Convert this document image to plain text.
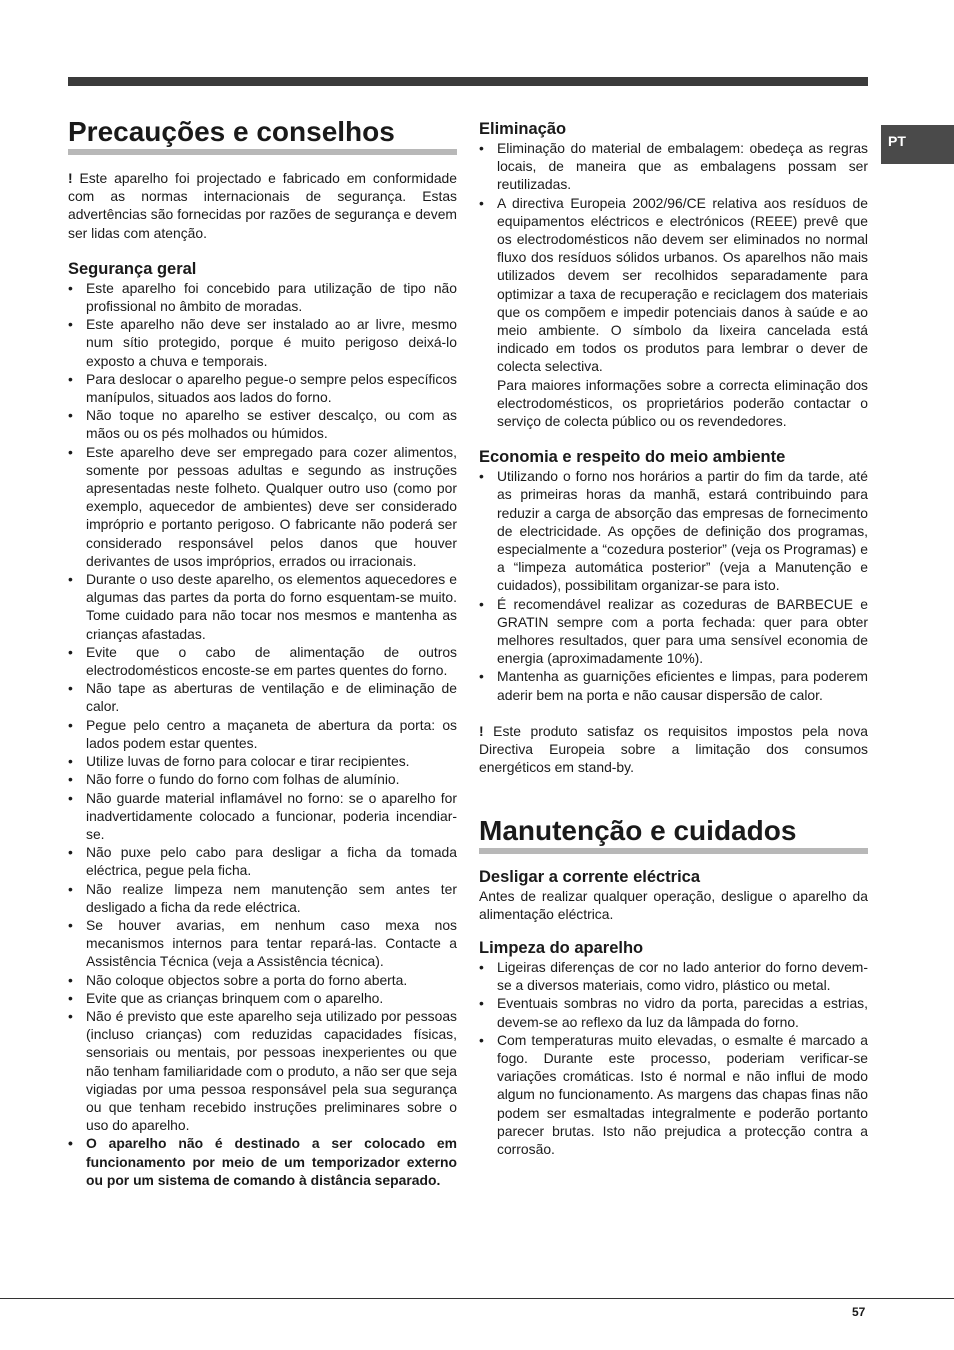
PT
Precauções e conselhos

! Este aparelho foi projectado e fabricado em conformidade com as normas internacionais de segurança. Estas advertências são fornecidas por razões de segurança e devem ser lidas com atenção.

Segurança geral
• Este aparelho foi concebido para utilização de tipo não profissional no âmbito de moradas.
• Este aparelho não deve ser instalado ao ar livre, mesmo num sítio protegido, porque é muito perigoso deixá-lo exposto a chuva e temporais.
• Para deslocar o aparelho pegue-o sempre pelos específicos manípulos, situados aos lados do forno.
• Não toque no aparelho se estiver descalço, ou com as mãos ou os pés molhados ou húmidos.
• Este aparelho deve ser empregado para cozer alimentos, somente por pessoas adultas e segundo as instruções apresentadas neste folheto. Qualquer outro uso (como por exemplo, aquecedor de ambientes) deve ser considerado impróprio e portanto perigoso. O fabricante não poderá ser considerado responsável pelos danos que houver derivantes de usos impróprios, errados ou irracionais.
• Durante o uso deste aparelho, os elementos aquecedores e algumas das partes da porta do forno esquentam-se muito. Tome cuidado para não tocar nos mesmos e mantenha as crianças afastadas.
• Evite que o cabo de alimentação de outros electrodomésticos encoste-se em partes quentes do forno.
• Não tape as aberturas de ventilação e de eliminação de calor.
• Pegue pelo centro a maçaneta de abertura da porta: os lados podem estar quentes.
• Utilize luvas de forno para colocar e tirar recipientes.
• Não forre o fundo do forno com folhas de alumínio.
• Não guarde material inflamável no forno: se o aparelho for inadvertidamente colocado a funcionar, poderia incendiar-se.
• Não puxe pelo cabo para desligar a ficha da tomada eléctrica, pegue pela ficha.
• Não realize limpeza nem manutenção sem antes ter desligado a ficha da rede eléctrica.
• Se houver avarias, em nenhum caso mexa nos mecanismos internos para tentar repará-las. Contacte a Assistência Técnica (veja a Assistência técnica).
• Não coloque objectos sobre a porta do forno aberta.
• Evite que as crianças brinquem com o aparelho.
• Não é previsto que este aparelho seja utilizado por pessoas (incluso crianças) com reduzidas capacidades físicas, sensoriais ou mentais, por pessoas inexperientes ou que não tenham familiaridade com o produto, a não ser que seja vigiadas por uma pessoa responsável pela sua segurança ou que tenham recebido instruções preliminares sobre o uso do aparelho.
• O aparelho não é destinado a ser colocado em funcionamento por meio de um temporizador externo ou por um sistema de comando à distância separado.
Eliminação
• Eliminação do material de embalagem: obedeça as regras locais, de maneira que as embalagens possam ser reutilizadas.
• A directiva Europeia 2002/96/CE relativa aos resíduos de equipamentos eléctricos e electrónicos (REEE) prevê que os electrodomésticos não devem ser eliminados no normal fluxo dos resíduos sólidos urbanos. Os aparelhos não mais utilizados devem ser recolhidos separadamente para optimizar a taxa de recuperação e reciclagem dos materiais que os compõem e impedir potenciais danos à saúde e ao meio ambiente. O símbolo da lixeira cancelada está indicado em todos os produtos para lembrar o dever de colecta selectiva.

Para maiores informações sobre a correcta eliminação dos electrodomésticos, os proprietários poderão contactar o serviço de colecta público ou os revendedores.

Economia e respeito do meio ambiente
• Utilizando o forno nos horários a partir do fim da tarde, até as primeiras horas da manhã, estará contribuindo para reduzir a carga de absorção das empresas de fornecimento de electricidade. As opções de definição dos programas, especialmente a “cozedura posterior” (veja os Programas) e a “limpeza automática posterior” (veja a Manutenção e cuidados), possibilitam organizar-se para isto.
• É recomendável realizar as cozeduras de BARBECUE e GRATIN sempre com a porta fechada: quer para obter melhores resultados, quer para uma sensível economia de energia (aproximadamente 10%).
• Mantenha as guarnições eficientes e limpas, para poderem aderir bem na porta e não causar dispersão de calor.

! Este produto satisfaz os requisitos impostos pela nova Directiva Europeia sobre a limitação dos consumos energéticos em stand-by.

Manutenção e cuidados
Desligar a corrente eléctrica

Antes de realizar qualquer operação, desligue o aparelho da alimentação eléctrica.

Limpeza do aparelho
• Ligeiras diferenças de cor no lado anterior do forno devem-se a diversos materiais, como vidro, plástico ou metal.
• Eventuais sombras no vidro da porta, parecidas a estrias, devem-se ao reflexo da luz da lâmpada do forno.
• Com temperaturas muito elevadas, o esmalte é marcado a fogo. Durante este processo, poderiam verificar-se variações cromáticas. Isto é normal e não influi de modo algum no funcionamento. As margens das chapas finas não podem ser esmaltadas integralmente e poderão portanto parecer brutas. Isto não prejudica a protecção contra a corrosão.
57
